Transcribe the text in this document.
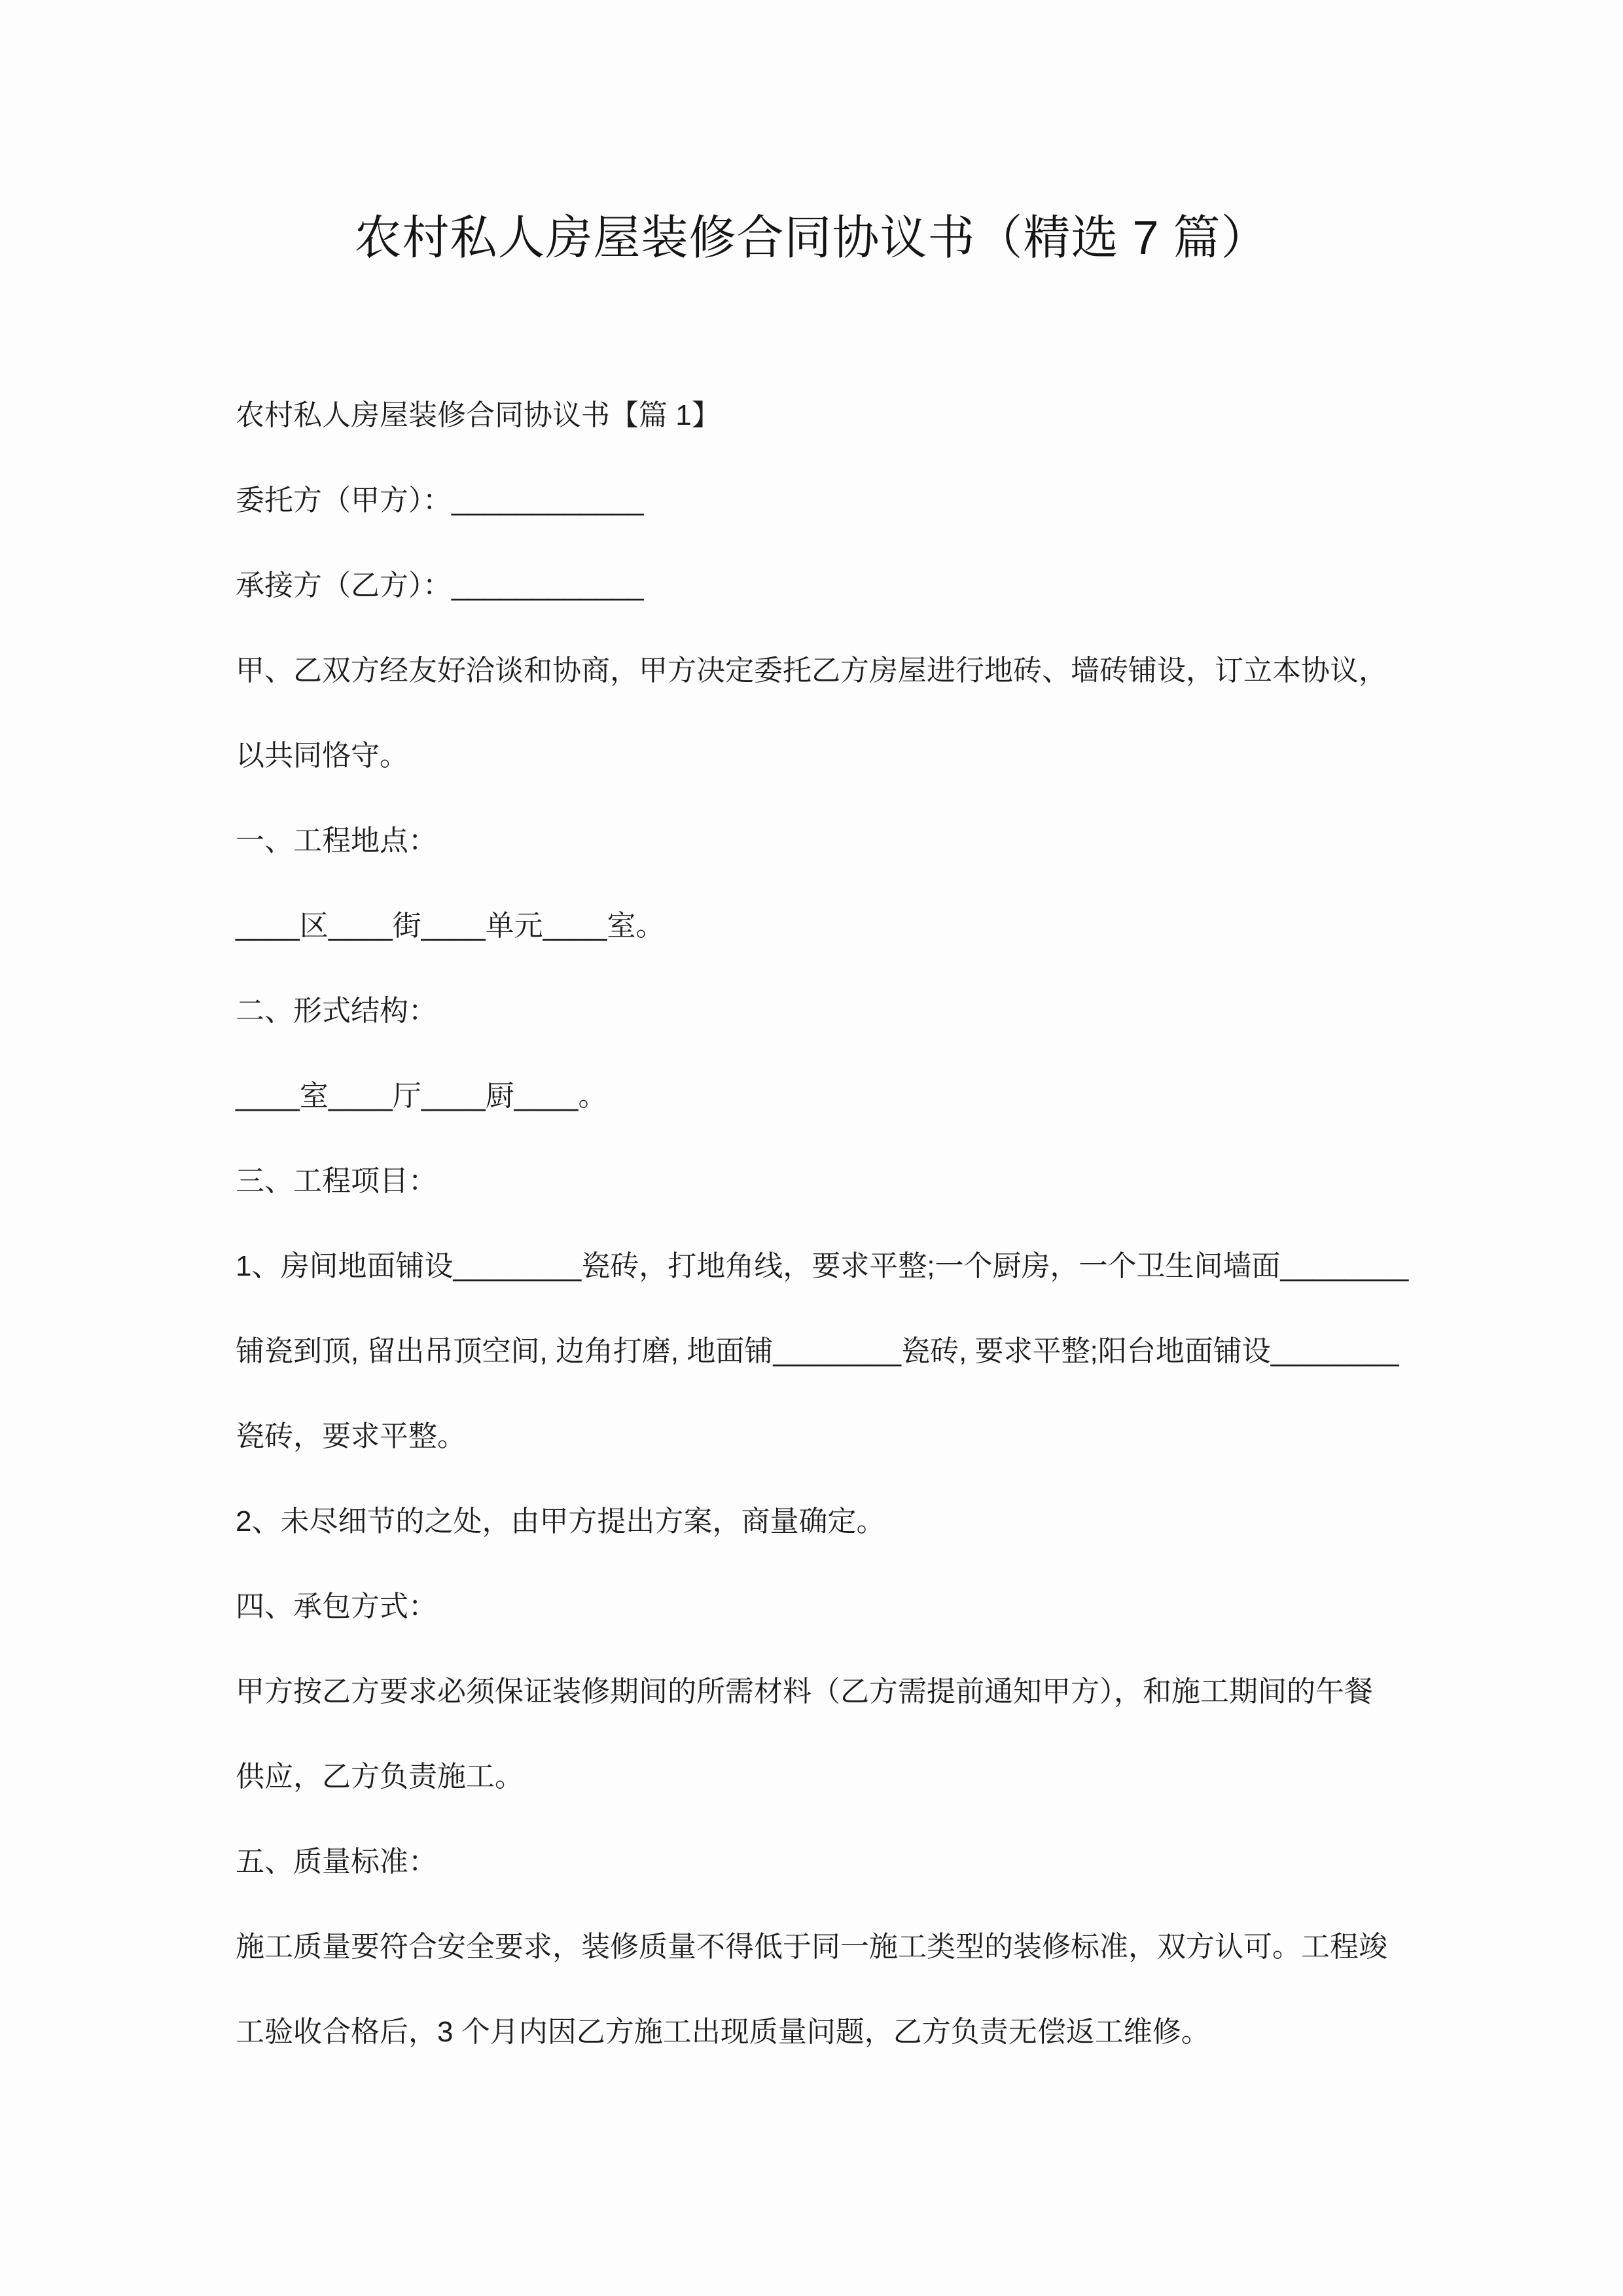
农村私人房屋装修合同协议书（精选 7 篇）

农村私人房屋装修合同协议书【篇 1】

委托方（甲方）：____________

承接方（乙方）：____________

甲、乙双方经友好洽谈和协商，甲方决定委托乙方房屋进行地砖、墙砖铺设，订立本协议，

以共同恪守。

一、工程地点：

____区____街____单元____室。

二、形式结构：

____室____厅____厨____。

三、工程项目：

1、房间地面铺设________瓷砖，打地角线，要求平整;一个厨房，一个卫生间墙面________

铺瓷到顶, 留出吊顶空间, 边角打磨, 地面铺________瓷砖, 要求平整;阳台地面铺设________

瓷砖，要求平整。

2、未尽细节的之处，由甲方提出方案，商量确定。

四、承包方式：

甲方按乙方要求必须保证装修期间的所需材料（乙方需提前通知甲方），和施工期间的午餐

供应，乙方负责施工。

五、质量标准：

施工质量要符合安全要求，装修质量不得低于同一施工类型的装修标准，双方认可。工程竣

工验收合格后，3 个月内因乙方施工出现质量问题，乙方负责无偿返工维修。
